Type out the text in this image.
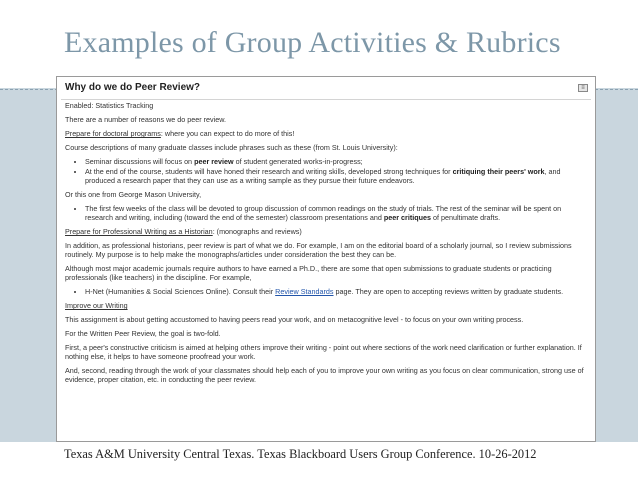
Examples of Group Activities & Rubrics
Why do we do Peer Review?	≡

Enabled: Statistics Tracking

There are a number of reasons we do peer review.

Prepare for doctoral programs: where you can expect to do more of this!

Course descriptions of many graduate classes include phrases such as these (from St. Louis University):

• Seminar discussions will focus on peer review of student generated works-in-progress;
• At the end of the course, students will have honed their research and writing skills, developed strong techniques for critiquing their peers' work, and produced a research paper that they can use as a writing sample as they pursue their future endeavors.

Or this one from George Mason University,

• The first few weeks of the class will be devoted to group discussion of common readings on the study of trials. The rest of the seminar will be spent on research and writing, including (toward the end of the semester) classroom presentations and peer critiques of penultimate drafts.

Prepare for Professional Writing as a Historian: (monographs and reviews)

In addition, as professional historians, peer review is part of what we do. For example, I am on the editorial board of a scholarly journal, so I review submissions routinely. My purpose is to help make the monographs/articles under consideration the best they can be.

Although most major academic journals require authors to have earned a Ph.D., there are some that open submissions to graduate students or practicing professionals (like teachers) in the discipline. For example,

• H-Net (Humanities & Social Sciences Online). Consult their Review Standards page. They are open to accepting reviews written by graduate students.

Improve our Writing

This assignment is about getting accustomed to having peers read your work, and on metacognitive level - to focus on your own writing process.

For the Written Peer Review, the goal is two-fold.

First, a peer's constructive criticism is aimed at helping others improve their writing - point out where sections of the work need clarification or further explanation. If nothing else, it helps to have someone proofread your work.

And, second, reading through the work of your classmates should help each of you to improve your own writing as you focus on clear communication, strong use of evidence, proper citation, etc. in conducting the peer review.

Texas A&M University Central Texas. Texas Blackboard Users Group Conference. 10-26-2012
